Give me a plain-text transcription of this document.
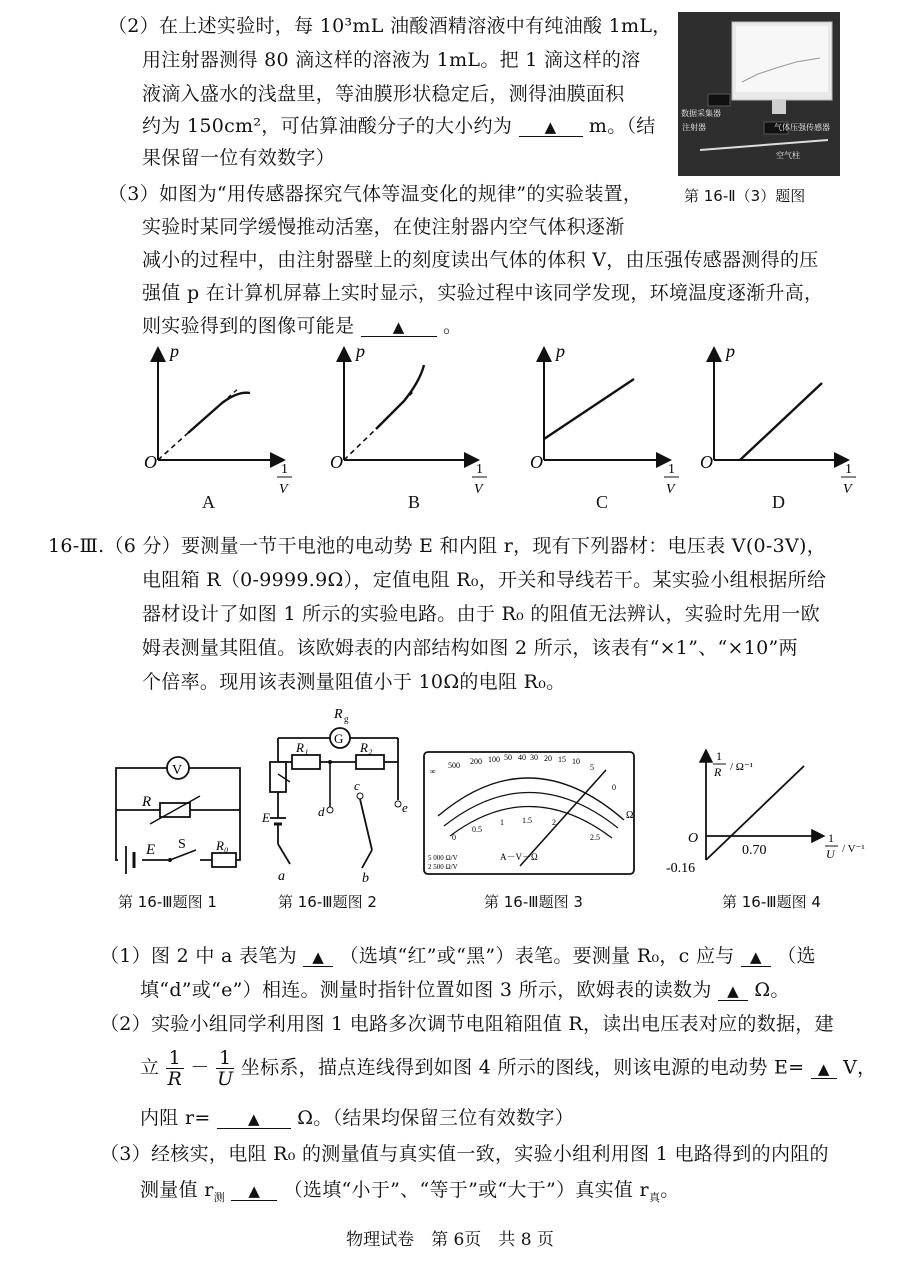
（2）在上述实验时，每 10³mL 油酸酒精溶液中有纯油酸 1mL，
用注射器测得 80 滴这样的溶液为 1mL。把 1 滴这样的溶
液滴入盛水的浅盘里，等油膜形状稳定后，测得油膜面积
约为 150cm²，可估算油酸分子的大小约为 ▲ m。（结
果保留一位有效数字）
数据采集器
注射器	气体压强传感器
空气柱
第 16-Ⅱ（3）题图
（3）如图为“用传感器探究气体等温变化的规律”的实验装置，
实验时某同学缓慢推动活塞，在使注射器内空气体积逐渐
减小的过程中，由注射器壁上的刻度读出气体的体积 V，由压强传感器测得的压
强值 p 在计算机屏幕上实时显示，实验过程中该同学发现，环境温度逐渐升高，
则实验得到的图像可能是	▲ 。
p
O	1
V
p
O	1
V
p
O	1
V
p
O	1
V
A	B	C	D
16-Ⅲ.（6 分）要测量一节干电池的电动势 E 和内阻 r，现有下列器材：电压表 V(0-3V)，
电阻箱 R（0-9999.9Ω），定值电阻 R₀，开关和导线若干。某实验小组根据所给
器材设计了如图 1 所示的实验电路。由于 R₀ 的阻值无法辨认，实验时先用一欧
姆表测量其阻值。该欧姆表的内部结构如图 2 所示，该表有“×1”、“×10”两
个倍率。现用该表测量阻值小于 10Ω的电阻 R₀。
V
R
E S R₀
R g
G
R₁	R₂
d	e
E
a
c
b
∞
500 200 100 50 40 30 20 15 10
5
0
Ω
0
0.5
1 1.5	2
2.5
A－V－Ω
5 000 Ω/V
2 500 Ω/V
1
R / Ω⁻¹
O
0.70
-0.16
1
U / V⁻¹
第 16-Ⅲ题图 1	第 16-Ⅲ题图 2	第 16-Ⅲ题图 3	第 16-Ⅲ题图 4
（1）图 2 中 a 表笔为 ▲ （选填“红”或“黑”）表笔。要测量 R₀，c 应与 ▲ （选
填“d”或“e”）相连。测量时指针位置如图 3 所示，欧姆表的读数为 ▲ Ω。
（2）实验小组同学利用图 1 电路多次调节电阻箱阻值 R，读出电压表对应的数据，建
立 $\frac{1}{R} - \frac{1}{U}$ 坐标系，描点连线得到如图 4 所示的图线，则该电源的电动势 E= ▲ V，
内阻 r= ▲ Ω。（结果均保留三位有效数字）
（3）经核实，电阻 R₀ 的测量值与真实值一致，实验小组利用图 1 电路得到的内阻的
测量值 $r_测$ ▲ （选填“小于”、“等于”或“大于”）真实值 $r_真$。
物理试卷　第 6页　共 8 页
